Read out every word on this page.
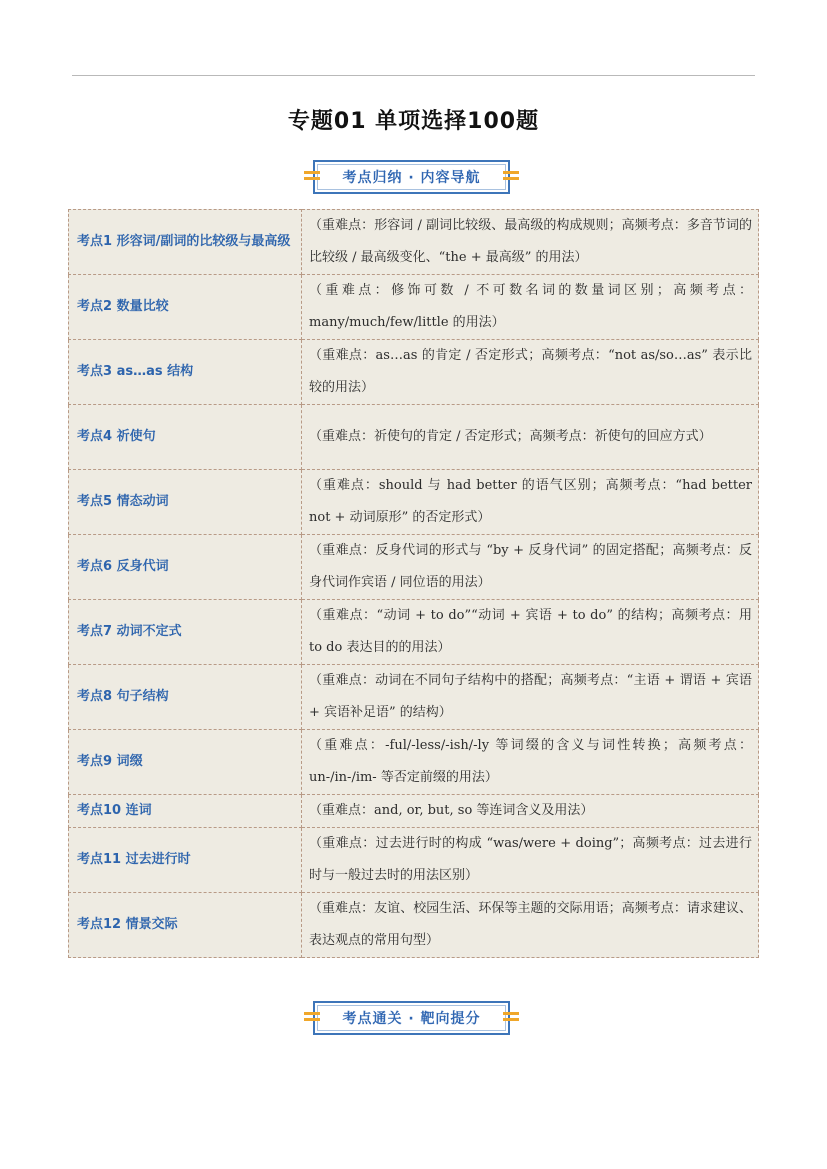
专题01 单项选择100题
考点归纳 · 内容导航
考点1 形容词/副词的比较级与最高级	（重难点：形容词 / 副词比较级、最高级的构成规则；高频考点：多音节词的比较级 / 最高级变化、“the + 最高级” 的用法）
考点2 数量比较	（重难点：修饰可数 / 不可数名词的数量词区别；高频考点：many/much/few/little 的用法）
考点3 as…as 结构	（重难点：as…as 的肯定 / 否定形式；高频考点：“not as/so…as” 表示比较的用法）
考点4 祈使句	（重难点：祈使句的肯定 / 否定形式；高频考点：祈使句的回应方式）
考点5 情态动词	（重难点：should 与 had better 的语气区别；高频考点：“had better not + 动词原形” 的否定形式）
考点6 反身代词	（重难点：反身代词的形式与 “by + 反身代词” 的固定搭配；高频考点：反身代词作宾语 / 同位语的用法）
考点7 动词不定式	（重难点：“动词 + to do”“动词 + 宾语 + to do” 的结构；高频考点：用 to do 表达目的的用法）
考点8 句子结构	（重难点：动词在不同句子结构中的搭配；高频考点：“主语 + 谓语 + 宾语 + 宾语补足语” 的结构）
考点9 词缀	（重难点：-ful/-less/-ish/-ly 等词缀的含义与词性转换；高频考点：un-/in-/im- 等否定前缀的用法）
考点10 连词	（重难点：and, or, but, so 等连词含义及用法）
考点11 过去进行时	（重难点：过去进行时的构成 “was/were + doing”；高频考点：过去进行时与一般过去时的用法区别）
考点12 情景交际	（重难点：友谊、校园生活、环保等主题的交际用语；高频考点：请求建议、表达观点的常用句型）
考点通关 · 靶向提分
